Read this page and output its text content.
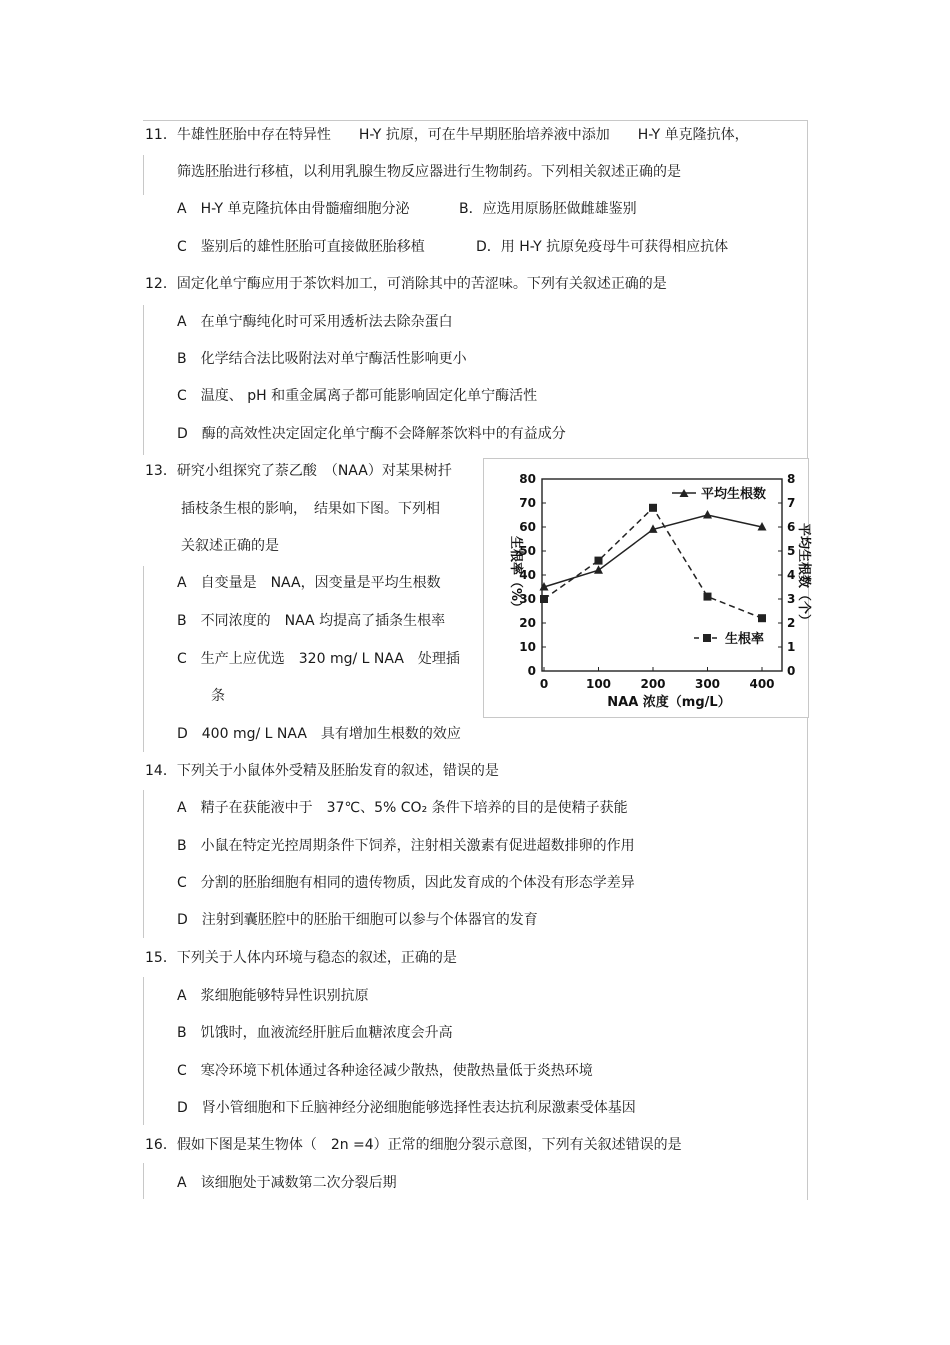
11．牛雄性胚胎中存在特异性　　H-Y 抗原，可在牛早期胚胎培养液中添加　　H-Y 单克隆抗体，
筛选胚胎进行移植，以利用乳腺生物反应器进行生物制药。下列相关叙述正确的是
A　H-Y 单克隆抗体由骨髓瘤细胞分泌	B．应选用原肠胚做雌雄鉴别
C　鉴别后的雄性胚胎可直接做胚胎移植	D．用 H-Y 抗原免疫母牛可获得相应抗体
12．固定化单宁酶应用于茶饮料加工，可消除其中的苦涩味。下列有关叙述正确的是
A　在单宁酶纯化时可采用透析法去除杂蛋白
B　化学结合法比吸附法对单宁酶活性影响更小
C　温度、 pH 和重金属离子都可能影响固定化单宁酶活性
D　酶的高效性决定固定化单宁酶不会降解茶饮料中的有益成分
13．研究小组探究了萘乙酸　（NAA）对某果树扦
插枝条生根的影响，　结果如下图。下列相
关叙述正确的是
A　自变量是　NAA，因变量是平均生根数
B　不同浓度的　NAA 均提高了插条生根率
C　生产上应优选　320 mg/ L NAA　处理插
条
D　400 mg/ L NAA　具有增加生根数的效应
0
10
20
30
40
50
60
70
80
0
1
2
3
4
5
6
7
8
0	100 200 300 400
平均生根数
生根率
NAA 浓度（mg/L）
生根率（%）	平均生根数（个）
14．下列关于小鼠体外受精及胚胎发育的叙述，错误的是
A　精子在获能液中于　37℃、5% CO₂ 条件下培养的目的是使精子获能
B　小鼠在特定光控周期条件下饲养，注射相关激素有促进超数排卵的作用
C　分割的胚胎细胞有相同的遗传物质，因此发育成的个体没有形态学差异
D　注射到囊胚腔中的胚胎干细胞可以参与个体器官的发育
15．下列关于人体内环境与稳态的叙述，正确的是
A　浆细胞能够特异性识别抗原
B　饥饿时，血液流经肝脏后血糖浓度会升高
C　寒冷环境下机体通过各种途径减少散热，使散热量低于炎热环境
D　肾小管细胞和下丘脑神经分泌细胞能够选择性表达抗利尿激素受体基因
16．假如下图是某生物体（　2n =4）正常的细胞分裂示意图，下列有关叙述错误的是
A　该细胞处于减数第二次分裂后期
